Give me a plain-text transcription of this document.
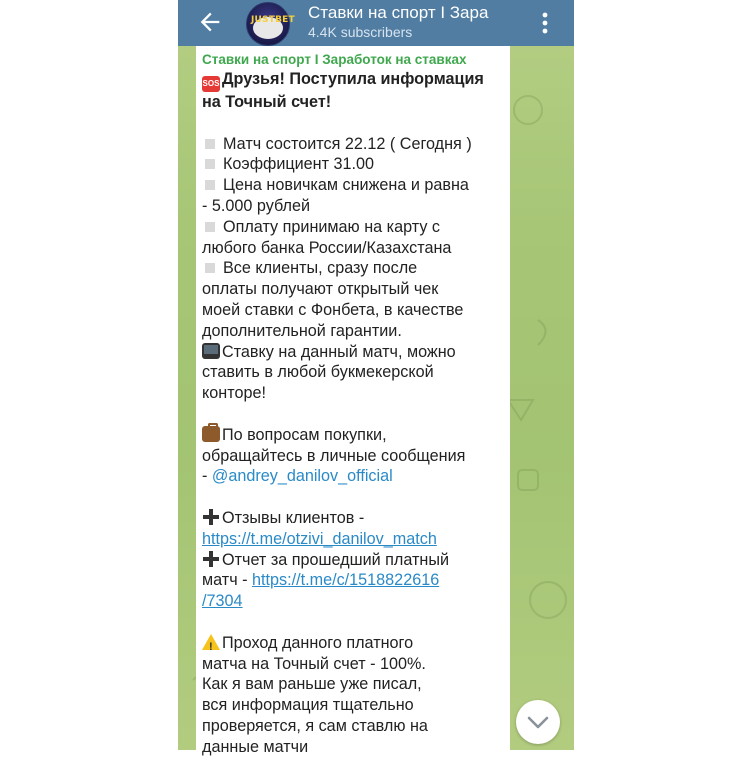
JUSTBET Ставки на спорт I Зара
4.4K subscribers
Ставки на спорт I Заработок на ставках
SOS Друзья! Поступила информация на Точный счет!

Матч состоится 22.12 ( Сегодня )
Коэффициент 31.00
Цена новичкам снижена и равна
- 5.000 рублей
Оплату принимаю на карту с
любого банка России/Казахстана
Все клиенты, сразу после
оплаты получают открытый чек
моей ставки с Фонбета, в качестве
дополнительной гарантии.
Ставку на данный матч, можно
ставить в любой букмекерской
конторе!

По вопросам покупки,
обращайтесь в личные сообщения
- @andrey_danilov_official

Отзывы клиентов -
https://t.me/otzivi_danilov_match
Отчет за прошедший платный
матч - https://t.me/c/1518822616
/7304

!Проход данного платного
матча на Точный счет - 100%.
Как я вам раньше уже писал,
вся информация тщательно
проверяется, я сам ставлю на
данные матчи
